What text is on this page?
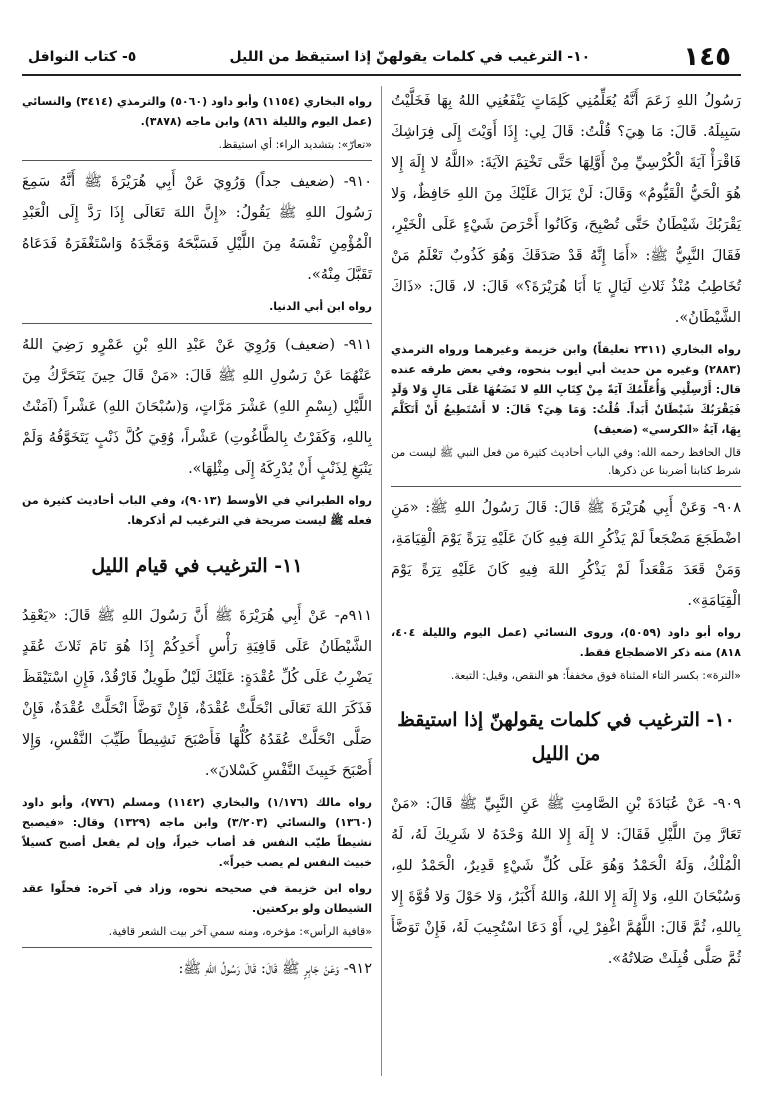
١٤٥
١٠- الترغيب في كلمات يقولهنّ إذا استيقظ من الليل
٥- كتاب النوافل

رَسُولُ اللهِ زَعَمَ أَنَّهُ يُعَلِّمُنِي كَلِمَاتٍ يَنْفَعُنِي اللهُ بِهَا فَخَلَّيْتُ سَبِيلَهُ. قَالَ: مَا هِيَ؟ قُلْتُ: قَالَ لِي: إِذَا أَوَيْتَ إِلَى فِرَاشِكَ فَاقْرَأْ آيَةَ الْكُرْسِيِّ مِنْ أَوَّلِهَا حَتَّى تَخْتِمَ الآيَةَ: «اللَّهُ لا إِلَهَ إِلا هُوَ الْحَيُّ الْقَيُّومُ» وَقَالَ: لَنْ يَزَالَ عَلَيْكَ مِنَ اللهِ حَافِظٌ، وَلا يَقْرَبُكَ شَيْطَانٌ حَتَّى تُصْبِحَ، وَكَانُوا أَحْرَصَ شَيْءٍ عَلَى الْخَيْرِ، فَقَالَ النَّبِيُّ ﷺ: «أَمَا إِنَّهُ قَدْ صَدَقَكَ وَهُوَ كَذُوبٌ تَعْلَمُ مَنْ تُخَاطِبُ مُنْذُ ثَلاثِ لَيَالٍ يَا أَبَا هُرَيْرَةَ؟» قَالَ: لا، قَالَ: «ذَاكَ الشَّيْطَانُ».

رواه البخاري (٢٣١١ تعليقاً) وابن خزيمة وغيرهما ورواه الترمذي (٢٨٨٣) وغيره من حديث أبي أيوب بنحوه، وفي بعض طرقه عنده قال: أَرْسِلْنِي وَأُعَلِّمُكَ آيَةً مِنْ كِتَابِ اللهِ لا تَضَعُهَا عَلَى مَالٍ وَلا وَلَدٍ فَيَقْرَبُكَ شَيْطَانٌ أَبَداً. قُلْتُ: وَمَا هِيَ؟ قَالَ: لا أَسْتَطِيعُ أَنْ أَتَكَلَّمَ بِهَا، آيَةُ «الكرسي» (ضعيف)

قال الحافظ رحمه الله: وفي الباب أحاديث كثيرة من فعل النبي ﷺ ليست من شرط كتابنا أضربنا عن ذكرها.

٩٠٨- وَعَنْ أَبِي هُرَيْرَةَ ﷺ قَالَ: قَالَ رَسُولُ اللهِ ﷺ: «مَنِ اضْطَجَعَ مَضْجَعاً لَمْ يَذْكُرِ اللهَ فِيهِ كَانَ عَلَيْهِ تِرَةً يَوْمَ الْقِيَامَةِ، وَمَنْ قَعَدَ مَقْعَداً لَمْ يَذْكُرِ اللهَ فِيهِ كَانَ عَلَيْهِ تِرَةً يَوْمَ الْقِيَامَةِ».

رواه أبو داود (٥٠٥٩)، وروى النسائي (عمل اليوم والليلة ٤٠٤، ٨١٨) منه ذكر الاضطجاع فقط.

«الترة»: بكسر التاء المثناة فوق مخففاً: هو النقص، وقيل: التبعة.

١٠- الترغيب في كلمات يقولهنّ إذا استيقظ من الليل

٩٠٩- عَنْ عُبَادَةَ بْنِ الصَّامِتِ ﷺ عَنِ النَّبِيِّ ﷺ قَالَ: «مَنْ تَعَارَّ مِنَ اللَّيْلِ فَقَالَ: لا إِلَهَ إِلا اللهُ وَحْدَهُ لا شَرِيكَ لَهُ، لَهُ الْمُلْكُ، وَلَهُ الْحَمْدُ وَهُوَ عَلَى كُلِّ شَيْءٍ قَدِيرٌ، الْحَمْدُ للهِ، وَسُبْحَانَ اللهِ، وَلا إِلَهَ إِلا اللهُ، وَاللهُ أَكْبَرُ، وَلا حَوْلَ وَلا قُوَّةَ إِلا بِاللهِ، ثُمَّ قَالَ: اللَّهُمَّ اغْفِرْ لِي، أَوْ دَعَا اسْتُجِيبَ لَهُ، فَإِنْ تَوَضَّأَ ثُمَّ صَلَّى قُبِلَتْ صَلاتُهُ».

رواه البخاري (١١٥٤) وأبو داود (٥٠٦٠) والترمذي (٣٤١٤) والنسائي (عمل اليوم والليلة ٨٦١) وابن ماجه (٣٨٧٨).

«تعارّ»: بتشديد الراء: أي استيقظ.

٩١٠- (ضعيف جداً) وَرُوِيَ عَنْ أَبِي هُرَيْرَةَ ﷺ أَنَّهُ سَمِعَ رَسُولَ اللهِ ﷺ يَقُولُ: «إِنَّ اللهَ تَعَالَى إِذَا رَدَّ إِلَى الْعَبْدِ الْمُؤْمِنِ نَفْسَهُ مِنَ اللَّيْلِ فَسَبَّحَهُ وَمَجَّدَهُ وَاسْتَغْفَرَهُ فَدَعَاهُ تَقَبَّلَ مِنْهُ».

رواه ابن أبي الدنيا.

٩١١- (ضعيف) وَرُوِيَ عَنْ عَبْدِ اللهِ بْنِ عَمْرٍو رَضِيَ اللهُ عَنْهُمَا عَنْ رَسُولِ اللهِ ﷺ قَالَ: «مَنْ قَالَ حِينَ يَتَحَرَّكُ مِنَ اللَّيْلِ (بِسْمِ اللهِ) عَشْرَ مَرَّاتٍ، وَ(سُبْحَانَ اللهِ) عَشْراً (آمَنْتُ بِاللهِ، وَكَفَرْتُ بِالطَّاغُوتِ) عَشْراً، وُقِيَ كُلَّ ذَنْبٍ يَتَخَوَّفُهُ وَلَمْ يَنْبَغِ لِذَنْبٍ أَنْ يُدْرِكَهُ إِلَى مِثْلِهَا».

رواه الطبراني في الأوسط (٩٠١٣)، وفي الباب أحاديث كثيرة من فعله ﷺ ليست صريحة في الترغيب لم أذكرها.

١١- الترغيب في قيام الليل

٩١١م- عَنْ أَبِي هُرَيْرَةَ ﷺ أَنَّ رَسُولَ اللهِ ﷺ قَالَ: «يَعْقِدُ الشَّيْطَانُ عَلَى قَافِيَةِ رَأْسِ أَحَدِكُمْ إِذَا هُوَ نَامَ ثَلاثَ عُقَدٍ يَضْرِبُ عَلَى كُلِّ عُقْدَةٍ: عَلَيْكَ لَيْلٌ طَوِيلٌ فَارْقُدْ، فَإِنِ اسْتَيْقَظَ فَذَكَرَ اللهَ تَعَالَى انْحَلَّتْ عُقْدَةٌ، فَإِنْ تَوَضَّأَ انْحَلَّتْ عُقْدَةٌ، فَإِنْ صَلَّى انْحَلَّتْ عُقَدُهُ كُلُّهَا فَأَصْبَحَ نَشِيطاً طَيِّبَ النَّفْسِ، وَإِلا أَصْبَحَ خَبِيثَ النَّفْسِ كَسْلانَ».

رواه مالك (١/١٧٦) والبخاري (١١٤٢) ومسلم (٧٧٦)، وأبو داود (١٣٦٠) والنسائي (٣/٢٠٣) وابن ماجه (١٣٢٩) وقال: «فيصبح نشيطاً طيّب النفس قد أصاب خيراً، وإن لم يفعل أصبح كسيلاً خبيث النفس لم يصب خيراً».

رواه ابن خزيمة في صحيحه نحوه، وزاد في آخره: فحلّوا عقد الشيطان ولو بركعتين.

«قافية الرأس»: مؤخره، ومنه سمي آخر بيت الشعر قافية.

٩١٢- وَعَنْ جَابِرٍ ﷺ قَالَ: قَالَ رَسُولُ اللهِ ﷺ:
